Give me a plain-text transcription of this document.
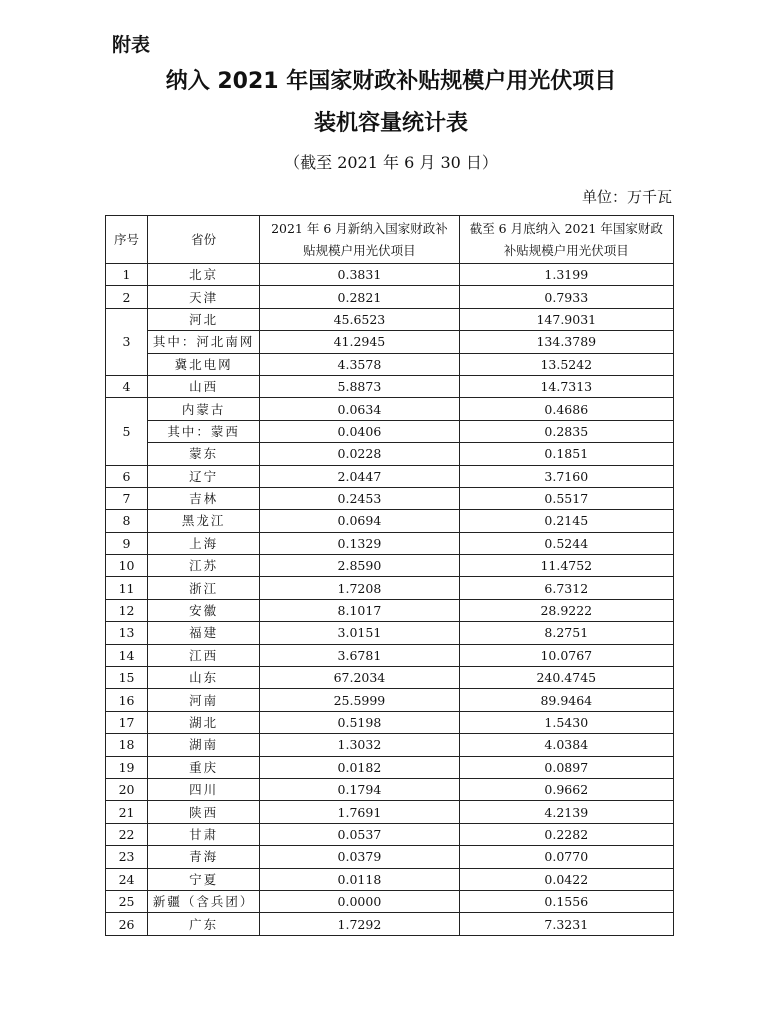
附表
纳入 2021 年国家财政补贴规模户用光伏项目
装机容量统计表
（截至 2021 年 6 月 30 日）
单位：万千瓦
序号	省份	2021 年 6 月新纳入国家财政补贴规模户用光伏项目	截至 6 月底纳入 2021 年国家财政补贴规模户用光伏项目
1	北京	0.3831	1.3199
2	天津	0.2821	0.7933
3	河北	45.6523	147.9031
	其中：河北南网	41.2945	134.3789
	冀北电网	4.3578	13.5242
4	山西	5.8873	14.7313
5	内蒙古	0.0634	0.4686
	其中：蒙西	0.0406	0.2835
	蒙东	0.0228	0.1851
6	辽宁	2.0447	3.7160
7	吉林	0.2453	0.5517
8	黑龙江	0.0694	0.2145
9	上海	0.1329	0.5244
10	江苏	2.8590	11.4752
11	浙江	1.7208	6.7312
12	安徽	8.1017	28.9222
13	福建	3.0151	8.2751
14	江西	3.6781	10.0767
15	山东	67.2034	240.4745
16	河南	25.5999	89.9464
17	湖北	0.5198	1.5430
18	湖南	1.3032	4.0384
19	重庆	0.0182	0.0897
20	四川	0.1794	0.9662
21	陕西	1.7691	4.2139
22	甘肃	0.0537	0.2282
23	青海	0.0379	0.0770
24	宁夏	0.0118	0.0422
25	新疆（含兵团）	0.0000	0.1556
26	广东	1.7292	7.3231
